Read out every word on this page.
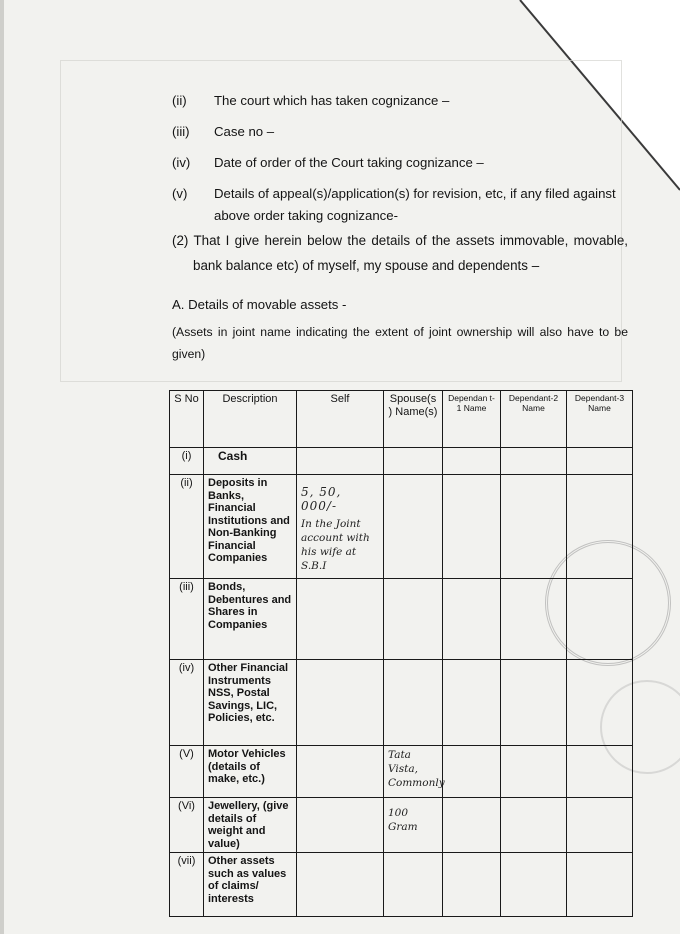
(ii)	The court which has taken cognizance –
(iii)	Case no –
(iv)	Date of order of the Court taking cognizance –
(v)	Details of appeal(s)/application(s) for revision, etc, if any filed against above order taking cognizance-
(2) That I give herein below the details of the assets immovable, movable,
bank balance etc) of myself, my spouse and dependents –
A. Details of movable assets -
(Assets in joint name indicating the extent of joint ownership will also have to be given)
S No	Description	Self	Spouse(s ) Name(s)	Dependan t-1 Name	Dependant-2 Name	Dependant-3 Name
(i)	Cash					

(ii)	Deposits in Banks, Financial Institutions and Non-Banking Financial Companies	5, 50, 000/-
In the Joint account with his wife at S.B.I				

(iii)	Bonds, Debentures and Shares in Companies					

(iv)	Other Financial Instruments NSS, Postal Savings, LIC, Policies, etc.					

(V)	Motor Vehicles (details of make, etc.)		Tata Vista, Commonly			

(Vi)	Jewellery, (give details of weight and value)		100 Gram			

(vii)	Other assets such as values of claims/ interests					
